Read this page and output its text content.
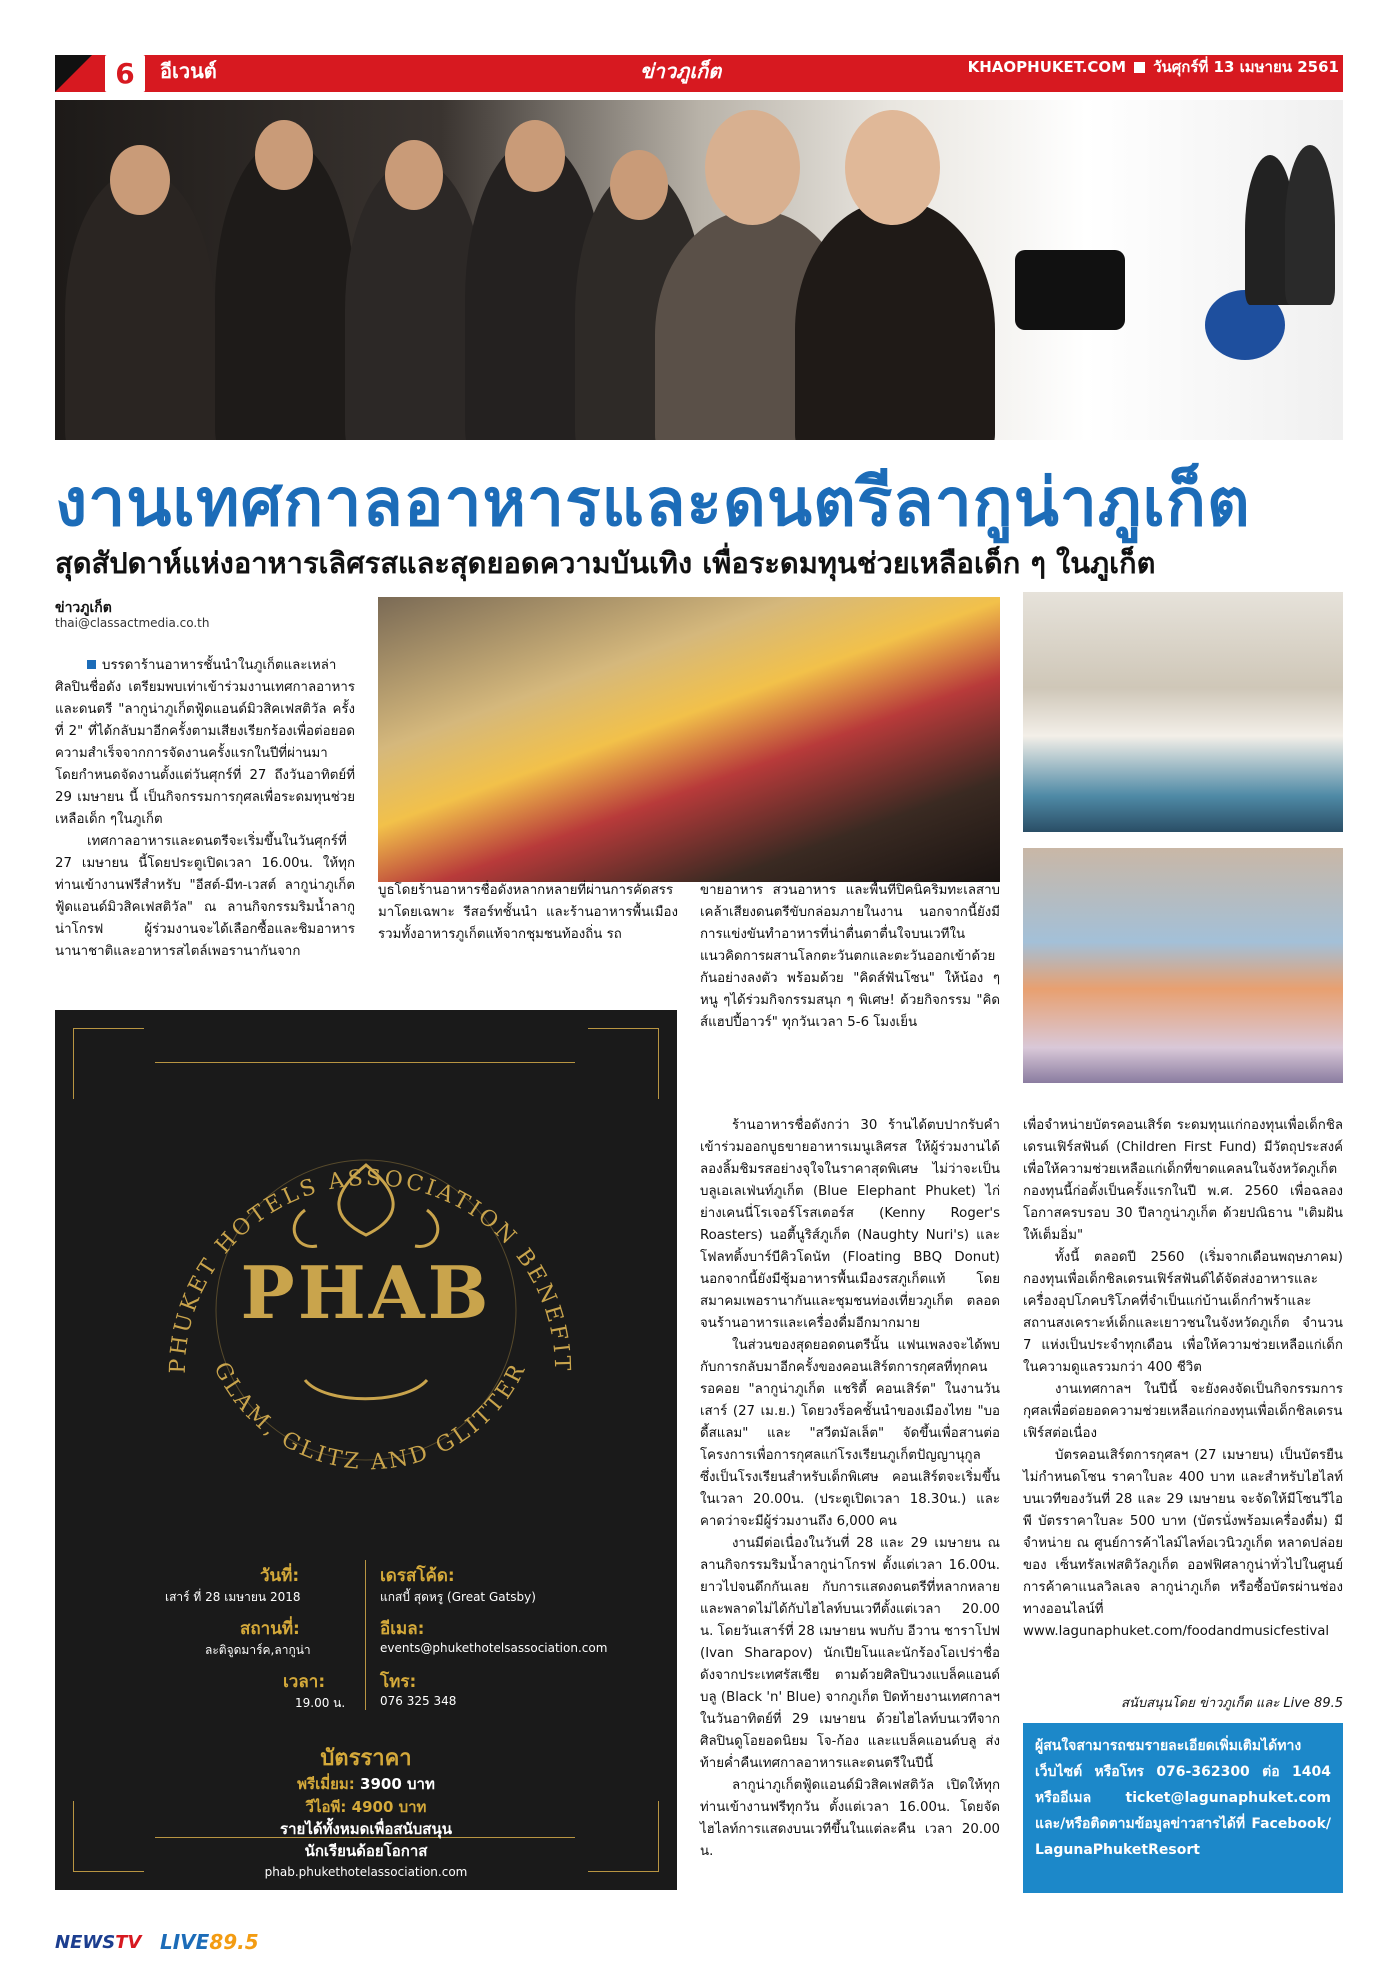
6	อีเวนต์	ข่าวภูเก็ต	KHAOPHUKET.COM วันศุกร์ที่ 13 เมษายน 2561
งานเทศกาลอาหารและดนตรีลากูน่าภูเก็ต
สุดสัปดาห์แห่งอาหารเลิศรสและสุดยอดความบันเทิง เพื่อระดมทุนช่วยเหลือเด็ก ๆ ในภูเก็ต
ข่าวภูเก็ต
thai@classactmedia.co.th

บรรดาร้านอาหารชั้นนำในภูเก็ตและเหล่าศิลปินชื่อดัง เตรียมพบเท่าเข้าร่วมงานเทศกาลอาหารและดนตรี "ลากูน่าภูเก็ตฟู้ดแอนด์มิวสิคเฟสติวัล ครั้งที่ 2" ที่ได้กลับมาอีกครั้งตามเสียงเรียกร้องเพื่อต่อยอดความสำเร็จจากการจัดงานครั้งแรกในปีที่ผ่านมา โดยกำหนดจัดงานตั้งแต่วันศุกร์ที่ 27 ถึงวันอาทิตย์ที่ 29 เมษายน นี้ เป็นกิจกรรมการกุศลเพื่อระดมทุนช่วยเหลือเด็ก ๆในภูเก็ต

เทศกาลอาหารและดนตรีจะเริ่มขึ้นในวันศุกร์ที่ 27 เมษายน นี้โดยประตูเปิดเวลา 16.00น. ให้ทุกท่านเข้างานฟรีสำหรับ "อีสต์-มีท-เวสต์ ลากูน่าภูเก็ตฟู้ดแอนด์มิวสิคเฟสติวัล" ณ ลานกิจกรรมริมน้ำลากูน่าโกรฟ ผู้ร่วมงานจะได้เลือกซื้อและชิมอาหารนานาชาติและอาหารสไตล์เพอรานากันจาก

บูธโดยร้านอาหารชื่อดังหลากหลายที่ผ่านการคัดสรรมาโดยเฉพาะ รีสอร์ทชั้นนำ และร้านอาหารพื้นเมือง รวมทั้งอาหารภูเก็ตแท้จากชุมชนท้องถิ่น รถ

ขายอาหาร สวนอาหาร และพื้นที่ปิคนิคริมทะเลสาบ เคล้าเสียงดนตรีขับกล่อมภายในงาน นอกจากนี้ยังมีการแข่งขันทำอาหารที่น่าตื่นตาตื่นใจบนเวทีในแนวคิดการผสานโลกตะวันตกและตะวันออกเข้าด้วยกันอย่างลงตัว พร้อมด้วย "คิดส์ฟันโซน" ให้น้อง ๆ หนู ๆได้ร่วมกิจกรรมสนุก ๆ พิเศษ! ด้วยกิจกรรม "คิดส์แฮปปี้อาวร์" ทุกวันเวลา 5-6 โมงเย็น

PHUKET HOTELS ASSOCIATION BENEFIT
GLAM, GLITZ AND GLITTER
PHAB
วันที่:
เสาร์ ที่ 28 เมษายน 2018
เดรสโค้ด:
แกสบี้ สุดหรู (Great Gatsby)
สถานที่:
ละติจูดมาร์ค,ลากูน่า
อีเมล:
events@phukethotelsassociation.com
เวลา:
19.00 น.
โทร:
076 325 348
บัตรราคา
พรีเมี่ยม: 3900 บาท
วีไอพี: 4900 บาท
รายได้ทั้งหมดเพื่อสนับสนุน
นักเรียนด้อยโอกาส
phab.phukethotelassociation.com

ร้านอาหารชื่อดังกว่า 30 ร้านได้ตบปากรับคำเข้าร่วมออกบูธขายอาหารเมนูเลิศรส ให้ผู้ร่วมงานได้ลองลิ้มชิมรสอย่างจุใจในราคาสุดพิเศษ ไม่ว่าจะเป็น บลูเอเลเฟ่นท์ภูเก็ต (Blue Elephant Phuket) ไก่ย่างเคนนี่โรเจอร์โรสเตอร์ส (Kenny Roger's Roasters) นอตี้นูริส์ภูเก็ต (Naughty Nuri's) และ โฟลทติ้งบาร์บีคิวโดนัท (Floating BBQ Donut) นอกจากนี้ยังมีซุ้มอาหารพื้นเมืองรสภูเก็ตแท้ โดยสมาคมเพอรานากันและชุมชนท่องเที่ยวภูเก็ต ตลอดจนร้านอาหารและเครื่องดื่มอีกมากมาย

ในส่วนของสุดยอดดนตรีนั้น แฟนเพลงจะได้พบกับการกลับมาอีกครั้งของคอนเสิร์ตการกุศลที่ทุกคนรอคอย "ลากูน่าภูเก็ต แชริตี้ คอนเสิร์ต" ในงานวันเสาร์ (27 เม.ย.) โดยวงร็อคชั้นนำของเมืองไทย "บอดี้สแลม" และ "สวีตมัลเล็ต" จัดขึ้นเพื่อสานต่อโครงการเพื่อการกุศลแก่โรงเรียนภูเก็ตปัญญานุกูล ซึ่งเป็นโรงเรียนสำหรับเด็กพิเศษ คอนเสิร์ตจะเริ่มขึ้นในเวลา 20.00น. (ประตูเปิดเวลา 18.30น.) และคาดว่าจะมีผู้ร่วมงานถึง 6,000 คน

งานมีต่อเนื่องในวันที่ 28 และ 29 เมษายน ณ ลานกิจกรรมริมน้ำลากูน่าโกรฟ ตั้งแต่เวลา 16.00น. ยาวไปจนดึกกันเลย กับการแสดงดนตรีที่หลากหลาย และพลาดไม่ได้กับไฮไลท์บนเวทีตั้งแต่เวลา 20.00 น. โดยวันเสาร์ที่ 28 เมษายน พบกับ อีวาน ชาราโปฟ (Ivan Sharapov) นักเปียโนและนักร้องโอเปร่าชื่อดังจากประเทศรัสเซีย ตามด้วยศิลปินวงแบล็คแอนด์บลู (Black 'n' Blue) จากภูเก็ต ปิดท้ายงานเทศกาลฯ ในวันอาทิตย์ที่ 29 เมษายน ด้วยไฮไลท์บนเวทีจากศิลปินดูโอยอดนิยม โจ-ก้อง และแบล็คแอนด์บลู ส่งท้ายค่ำคืนเทศกาลอาหารและดนตรีในปีนี้

ลากูน่าภูเก็ตฟู้ดแอนด์มิวสิคเฟสติวัล เปิดให้ทุกท่านเข้างานฟรีทุกวัน ตั้งแต่เวลา 16.00น. โดยจัดไฮไลท์การแสดงบนเวทีขึ้นในแต่ละคืน เวลา 20.00 น.

เพื่อจำหน่ายบัตรคอนเสิร์ต ระดมทุนแก่กองทุนเพื่อเด็กชิลเดรนเฟิร์สฟันด์ (Children First Fund) มีวัตถุประสงค์เพื่อให้ความช่วยเหลือแก่เด็กที่ขาดแคลนในจังหวัดภูเก็ต กองทุนนี้ก่อตั้งเป็นครั้งแรกในปี พ.ศ. 2560 เพื่อฉลองโอกาสครบรอบ 30 ปีลากูน่าภูเก็ต ด้วยปณิธาน "เติมฝันให้เต็มอิ่ม"

ทั้งนี้ ตลอดปี 2560 (เริ่มจากเดือนพฤษภาคม) กองทุนเพื่อเด็กชิลเดรนเฟิร์สฟันด์ได้จัดส่งอาหารและเครื่องอุปโภคบริโภคที่จำเป็นแก่บ้านเด็กกำพร้าและสถานสงเคราะห์เด็กและเยาวชนในจังหวัดภูเก็ต จำนวน 7 แห่งเป็นประจำทุกเดือน เพื่อให้ความช่วยเหลือแก่เด็กในความดูแลรวมกว่า 400 ชีวิต

งานเทศกาลฯ ในปีนี้ จะยังคงจัดเป็นกิจกรรมการกุศลเพื่อต่อยอดความช่วยเหลือแก่กองทุนเพื่อเด็กชิลเดรนเฟิร์สต่อเนื่อง

บัตรคอนเสิร์ตการกุศลฯ (27 เมษายน) เป็นบัตรยืนไม่กำหนดโซน ราคาใบละ 400 บาท และสำหรับไฮไลท์บนเวทีของวันที่ 28 และ 29 เมษายน จะจัดให้มีโซนวีไอพี บัตรราคาใบละ 500 บาท (บัตรนั่งพร้อมเครื่องดื่ม) มีจำหน่าย ณ ศูนย์การค้าไลม์ไลท์อเวนิวภูเก็ต หลาดปล่อยของ เซ็นทรัลเฟสติวัลภูเก็ต ออฟฟิศลากูน่าทั่วไปในศูนย์การค้าคาแนลวิลเลจ ลากูน่าภูเก็ต หรือซื้อบัตรผ่านช่องทางออนไลน์ที่ www.lagunaphuket.com/foodandmusicfestival

สนับสนุนโดย ข่าวภูเก็ต และ Live 89.5
ผู้สนใจสามารถชมรายละเอียดเพิ่มเติมได้ทางเว็บไซต์ หรือโทร 076-362300 ต่อ 1404 หรืออีเมล ticket@lagunaphuket.com และ/หรือติดตามข้อมูลข่าวสารได้ที่ Facebook/ LagunaPhuketResort
NEWSTV LIVE89.5
